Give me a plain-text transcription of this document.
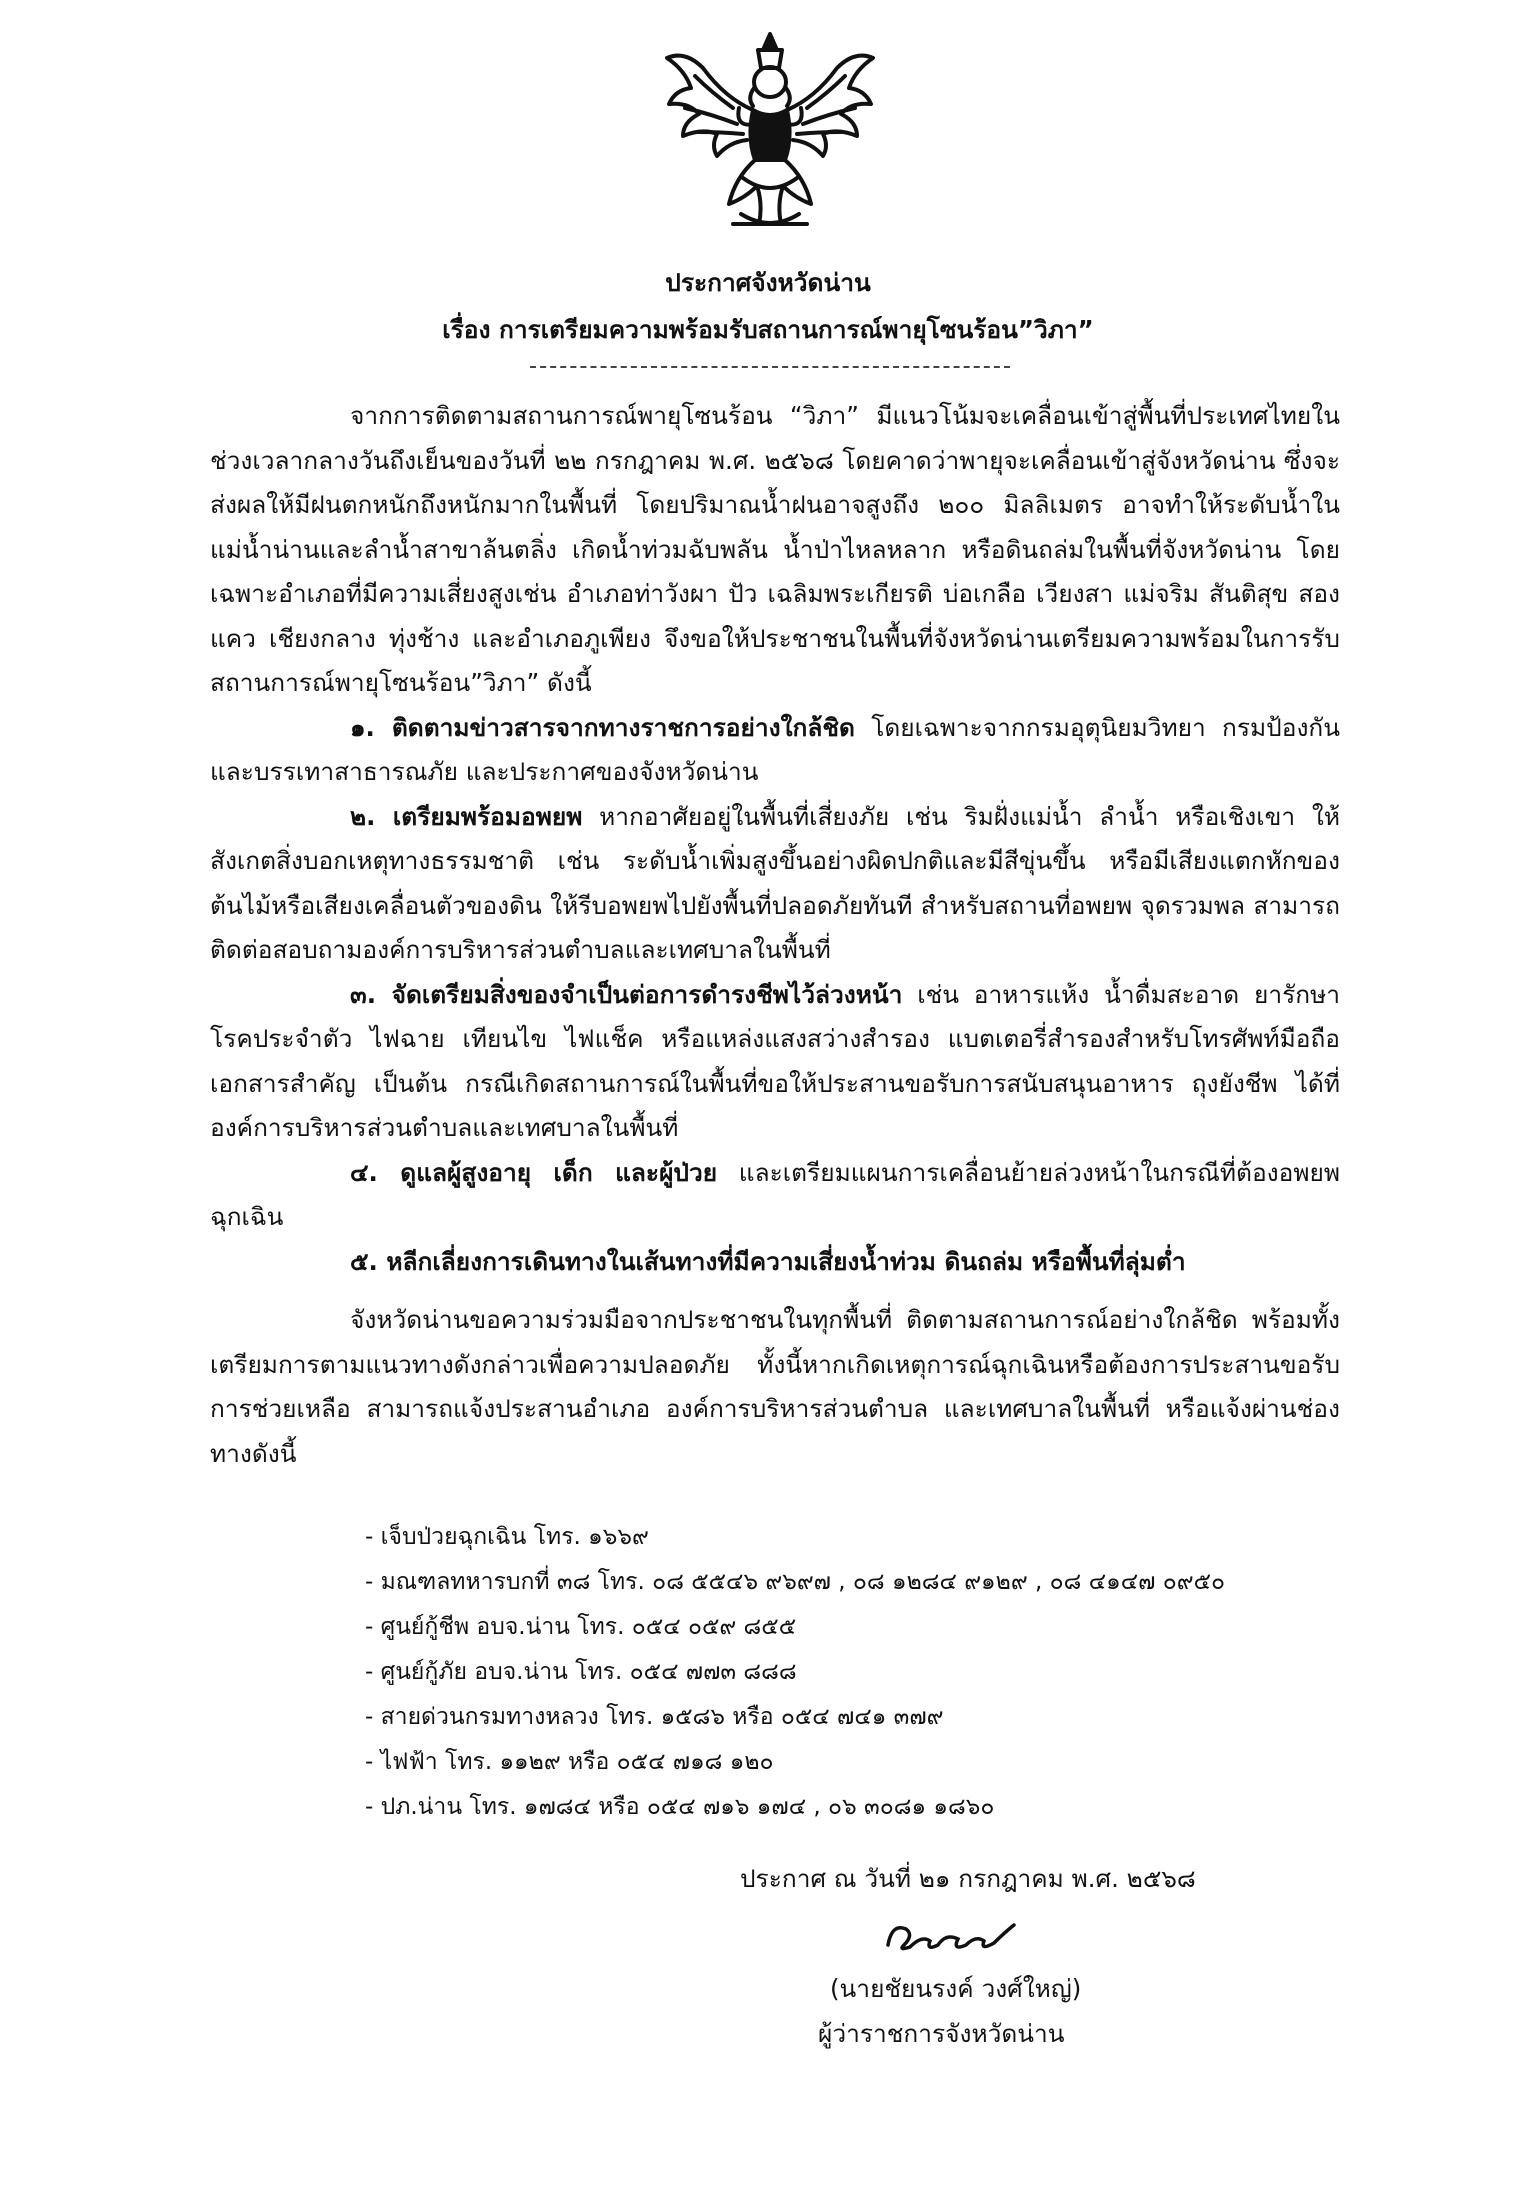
ประกาศจังหวัดน่าน
เรื่อง การเตรียมความพร้อมรับสถานการณ์พายุโซนร้อน”วิภา”

จากการติดตามสถานการณ์พายุโซนร้อน “วิภา” มีแนวโน้มจะเคลื่อนเข้าสู่พื้นที่ประเทศไทยในช่วงเวลากลางวันถึงเย็นของวันที่ ๒๒ กรกฎาคม พ.ศ. ๒๕๖๘ โดยคาดว่าพายุจะเคลื่อนเข้าสู่จังหวัดน่าน ซึ่งจะส่งผลให้มีฝนตกหนักถึงหนักมากในพื้นที่ โดยปริมาณน้ำฝนอาจสูงถึง ๒๐๐ มิลลิเมตร อาจทำให้ระดับน้ำในแม่น้ำน่านและลำน้ำสาขาล้นตลิ่ง เกิดน้ำท่วมฉับพลัน น้ำป่าไหลหลาก หรือดินถล่มในพื้นที่จังหวัดน่าน โดยเฉพาะอำเภอที่มีความเสี่ยงสูงเช่น อำเภอท่าวังผา ปัว เฉลิมพระเกียรติ บ่อเกลือ เวียงสา แม่จริม สันติสุข สองแคว เชียงกลาง ทุ่งช้าง และอำเภอภูเพียง จึงขอให้ประชาชนในพื้นที่จังหวัดน่านเตรียมความพร้อมในการรับสถานการณ์พายุโซนร้อน”วิภา” ดังนี้

๑. ติดตามข่าวสารจากทางราชการอย่างใกล้ชิด โดยเฉพาะจากกรมอุตุนิยมวิทยา กรมป้องกันและบรรเทาสาธารณภัย และประกาศของจังหวัดน่าน

๒. เตรียมพร้อมอพยพ หากอาศัยอยู่ในพื้นที่เสี่ยงภัย เช่น ริมฝั่งแม่น้ำ ลำน้ำ หรือเชิงเขา ให้สังเกตสิ่งบอกเหตุทางธรรมชาติ เช่น ระดับน้ำเพิ่มสูงขึ้นอย่างผิดปกติและมีสีขุ่นขึ้น หรือมีเสียงแตกหักของต้นไม้หรือเสียงเคลื่อนตัวของดิน ให้รีบอพยพไปยังพื้นที่ปลอดภัยทันที สำหรับสถานที่อพยพ จุดรวมพล สามารถติดต่อสอบถามองค์การบริหารส่วนตำบลและเทศบาลในพื้นที่

๓. จัดเตรียมสิ่งของจำเป็นต่อการดำรงชีพไว้ล่วงหน้า เช่น อาหารแห้ง น้ำดื่มสะอาด ยารักษาโรคประจำตัว ไฟฉาย เทียนไข ไฟแช็ค หรือแหล่งแสงสว่างสำรอง แบตเตอรี่สำรองสำหรับโทรศัพท์มือถือ เอกสารสำคัญ เป็นต้น กรณีเกิดสถานการณ์ในพื้นที่ขอให้ประสานขอรับการสนับสนุนอาหาร ถุงยังชีพ ได้ที่องค์การบริหารส่วนตำบลและเทศบาลในพื้นที่

๔. ดูแลผู้สูงอายุ เด็ก และผู้ป่วย และเตรียมแผนการเคลื่อนย้ายล่วงหน้าในกรณีที่ต้องอพยพฉุกเฉิน

๕. หลีกเลี่ยงการเดินทางในเส้นทางที่มีความเสี่ยงน้ำท่วม ดินถล่ม หรือพื้นที่ลุ่มต่ำ

จังหวัดน่านขอความร่วมมือจากประชาชนในทุกพื้นที่ ติดตามสถานการณ์อย่างใกล้ชิด พร้อมทั้งเตรียมการตามแนวทางดังกล่าวเพื่อความปลอดภัย ทั้งนี้หากเกิดเหตุการณ์ฉุกเฉินหรือต้องการประสานขอรับการช่วยเหลือ สามารถแจ้งประสานอำเภอ องค์การบริหารส่วนตำบล และเทศบาลในพื้นที่ หรือแจ้งผ่านช่องทางดังนี้

- เจ็บป่วยฉุกเฉิน โทร. ๑๖๖๙
- มณฑลทหารบกที่ ๓๘ โทร. ๐๘ ๕๕๔๖ ๙๖๙๗ , ๐๘ ๑๒๘๔ ๙๑๒๙ , ๐๘ ๔๑๔๗ ๐๙๕๐
- ศูนย์กู้ชีพ อบจ.น่าน โทร. ๐๕๔ ๐๕๙ ๘๕๕
- ศูนย์กู้ภัย อบจ.น่าน โทร. ๐๕๔ ๗๗๓ ๘๘๘
- สายด่วนกรมทางหลวง โทร. ๑๕๘๖ หรือ ๐๕๔ ๗๔๑ ๓๗๙
- ไฟฟ้า โทร. ๑๑๒๙ หรือ ๐๕๔ ๗๑๘ ๑๒๐
- ปภ.น่าน โทร. ๑๗๘๔ หรือ ๐๕๔ ๗๑๖ ๑๗๔ , ๐๖ ๓๐๘๑ ๑๘๖๐
ประกาศ ณ วันที่ ๒๑ กรกฎาคม พ.ศ. ๒๕๖๘
(นายชัยนรงค์ วงศ์ใหญ่)
ผู้ว่าราชการจังหวัดน่าน
